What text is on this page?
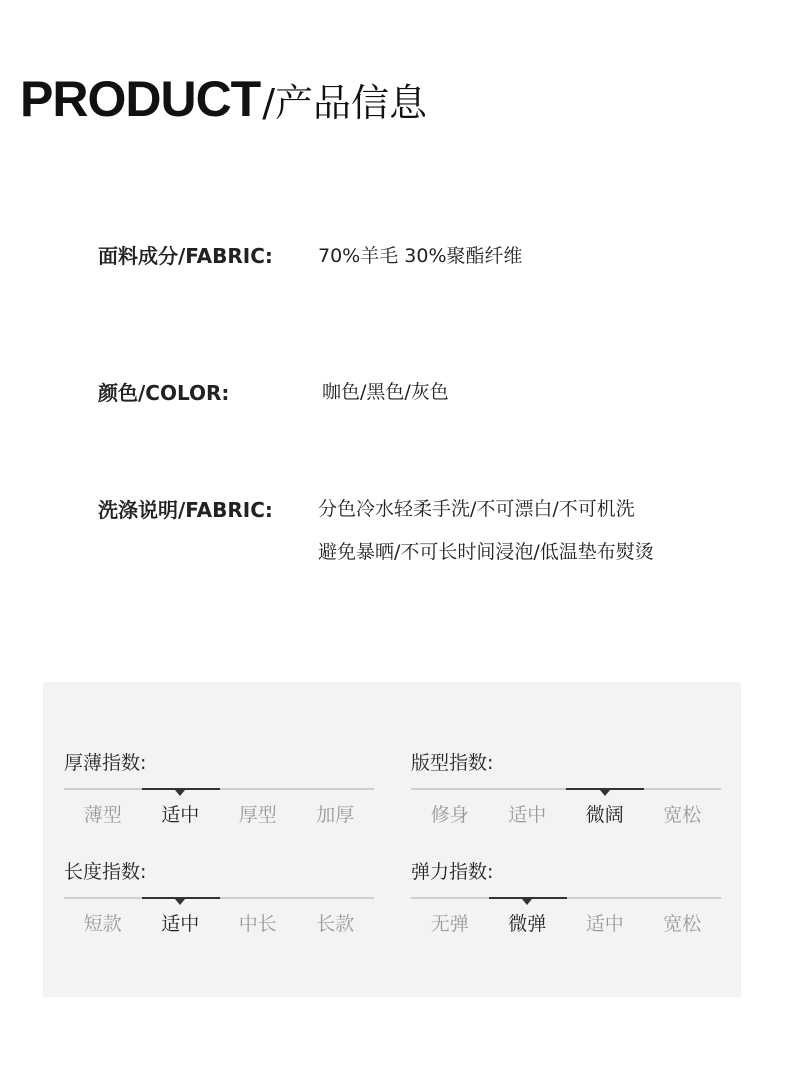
PRODUCT /产品信息
面料成分/FABRIC: 70%羊毛 30%聚酯纤维
颜色/COLOR:	咖色/黑色/灰色
洗涤说明/FABRIC: 分色冷水轻柔手洗/不可漂白/不可机洗
避免暴晒/不可长时间浸泡/低温垫布熨烫
厚薄指数:
薄型	适中	厚型	加厚
版型指数:
修身	适中	微阔	宽松
长度指数:
短款	适中	中长	长款
弹力指数:
无弹	微弹	适中	宽松
